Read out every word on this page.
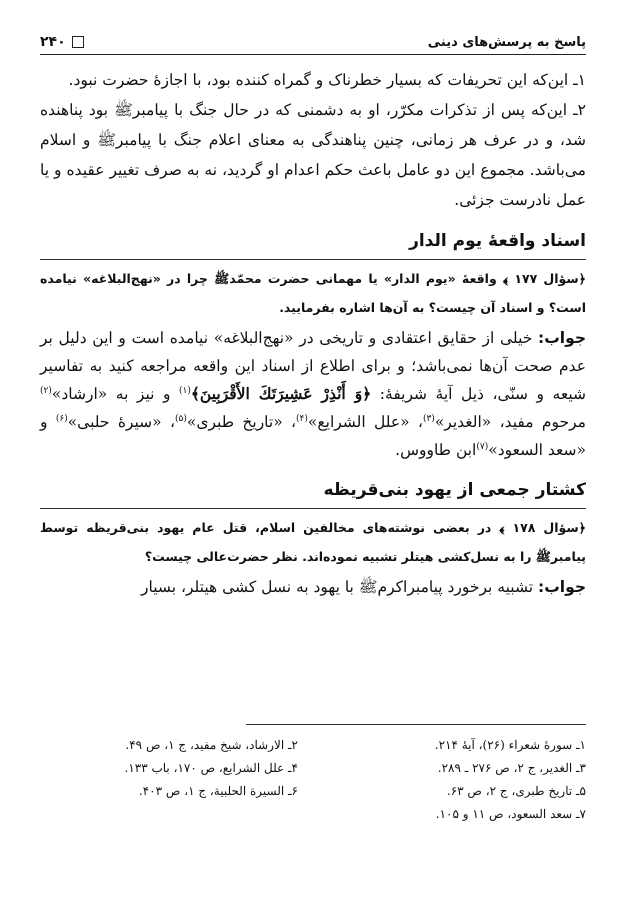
پاسخ به پرسش‌های دینی
۲۴۰

۱ـ این‌که این تحریفات که بسیار خطرناک و گمراه کننده بود، با اجازهٔ حضرت نبود.

۲ـ این‌که پس از تذکرات مکرّر، او به دشمنی که در حال جنگ با پیامبرﷺ بود پناهنده شد، و در عرف هر زمانی، چنین پناهندگی به معنای اعلام جنگ با پیامبرﷺ و اسلام می‌باشد. مجموع این دو عامل باعث حکم اعدام او گردید، نه به صرف تغییر عقیده و یا عمل نادرست جزئی.

اسناد واقعهٔ یوم الدار

﴿سؤال ۱۷۷ ﴾ واقعهٔ «یوم الدار» یا مهمانی حضرت محمّدﷺ چرا در «نهج‌البلاغه» نیامده است؟ و اسناد آن چیست؟ به آن‌ها اشاره بفرمایید.

جواب: خیلی از حقایق اعتقادی و تاریخی در «نهج‌البلاغه» نیامده است و این دلیل بر عدم صحت آن‌ها نمی‌باشد؛ و برای اطلاع از اسناد این واقعه مراجعه کنید به تفاسیر شیعه و سنّی، ذیل آیهٔ شریفهٔ: ﴿وَ أَنْذِرْ عَشِيرَتَكَ الأَقْرَبِينَ﴾$^{(۱)}$ و نیز به «ارشاد»$^{(۲)}$ مرحوم مفید، «الغدیر»$^{(۳)}$، «علل الشرایع»$^{(۴)}$، «تاریخ طبری»$^{(۵)}$، «سیرهٔ حلبی»$^{(۶)}$ و «سعد السعود»$^{(۷)}$ابن طاووس.

کشتار جمعی از یهود بنی‌قریظه

﴿سؤال ۱۷۸ ﴾ در بعضی نوشته‌های مخالفین اسلام، قتل عام یهود بنی‌قریظه توسط پیامبرﷺ را به نسل‌کشی هیتلر تشبیه نموده‌اند. نظر حضرت‌عالی چیست؟

جواب: تشبیه برخورد پیامبراکرمﷺ با یهود به نسل کشی هیتلر، بسیار

۱ـ سورهٔ شعراء (۲۶)، آیهٔ ۲۱۴.
۲ـ الارشاد، شیخ مفید، ج ۱، ص ۴۹.
۳ـ الغدیر، ج ۲، ص ۲۷۶ ـ ۲۸۹.
۴ـ علل الشرایع، ص ۱۷۰، باب ۱۳۳.
۵ـ تاریخ طبری، ج ۲، ص ۶۳.
۶ـ السیرة الحلبیة، ج ۱، ص ۴۰۳.
۷ـ سعد السعود، ص ۱۱ و ۱۰۵.
